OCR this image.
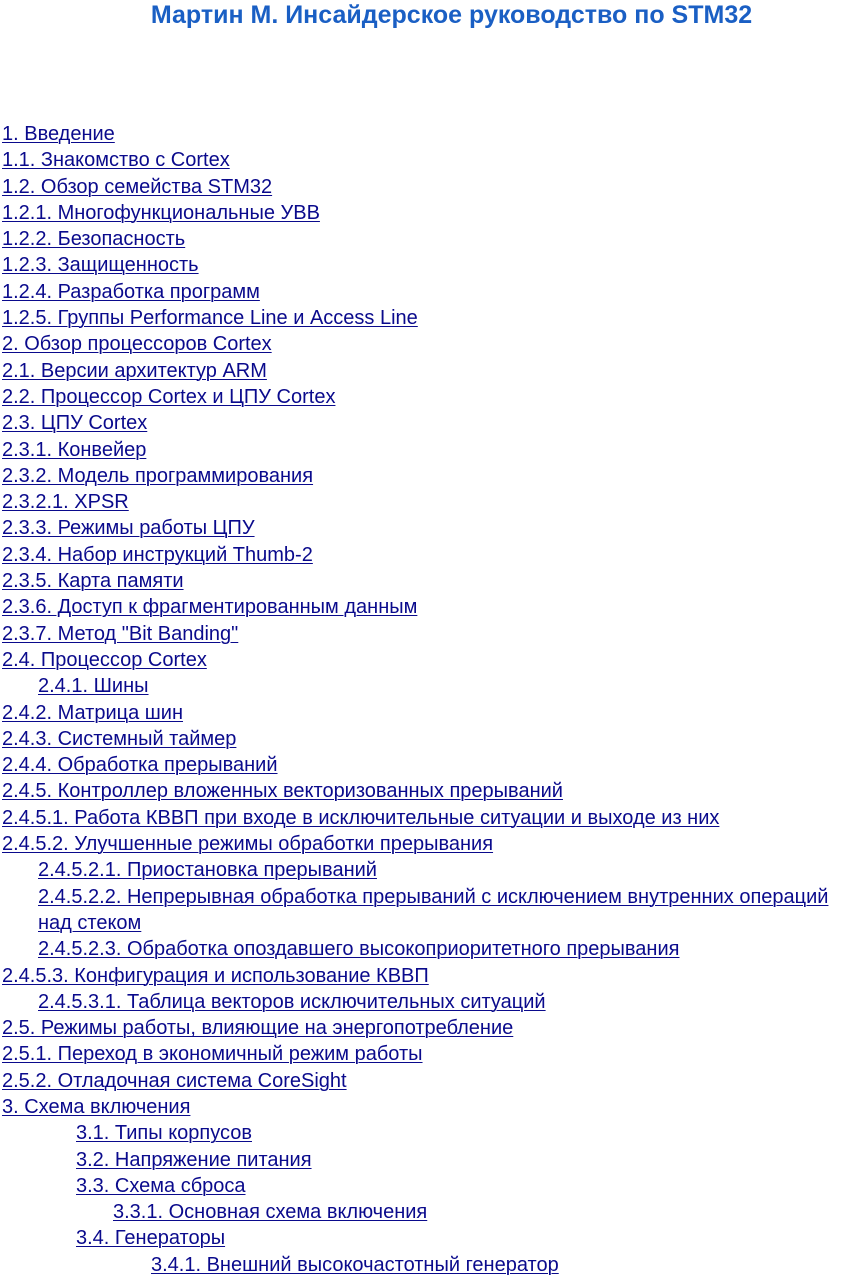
Мартин М. Инсайдерское руководство по STM32
1. Введение
1.1. Знакомство с Cortex
1.2. Обзор семейства STM32
1.2.1. Многофункциональные УВВ
1.2.2. Безопасность
1.2.3. Защищенность
1.2.4. Разработка программ
1.2.5. Группы Performance Line и Access Line
2. Обзор процессоров Cortex
2.1. Версии архитектур ARM
2.2. Процессор Cortex и ЦПУ Cortex
2.3. ЦПУ Cortex
2.3.1. Конвейер
2.3.2. Модель программирования
2.3.2.1. XPSR
2.3.3. Режимы работы ЦПУ
2.3.4. Набор инструкций Thumb-2
2.3.5. Карта памяти
2.3.6. Доступ к фрагментированным данным
2.3.7. Метод "Bit Banding"
2.4. Процессор Cortex
2.4.1. Шины
2.4.2. Матрица шин
2.4.3. Системный таймер
2.4.4. Обработка прерываний
2.4.5. Контроллер вложенных векторизованных прерываний
2.4.5.1. Работа КВВП при входе в исключительные ситуации и выходе из них
2.4.5.2. Улучшенные режимы обработки прерывания
2.4.5.2.1. Приостановка прерываний
2.4.5.2.2. Непрерывная обработка прерываний с исключением внутренних операций над стеком
2.4.5.2.3. Обработка опоздавшего высокоприоритетного прерывания
2.4.5.3. Конфигурация и использование КВВП
2.4.5.3.1. Таблица векторов исключительных ситуаций
2.5. Режимы работы, влияющие на энергопотребление
2.5.1. Переход в экономичный режим работы
2.5.2. Отладочная система CoreSight
3. Схема включения
3.1. Типы корпусов
3.2. Напряжение питания
3.3. Схема сброса
3.3.1. Основная схема включения
3.4. Генераторы
3.4.1. Внешний высокочастотный генератор
